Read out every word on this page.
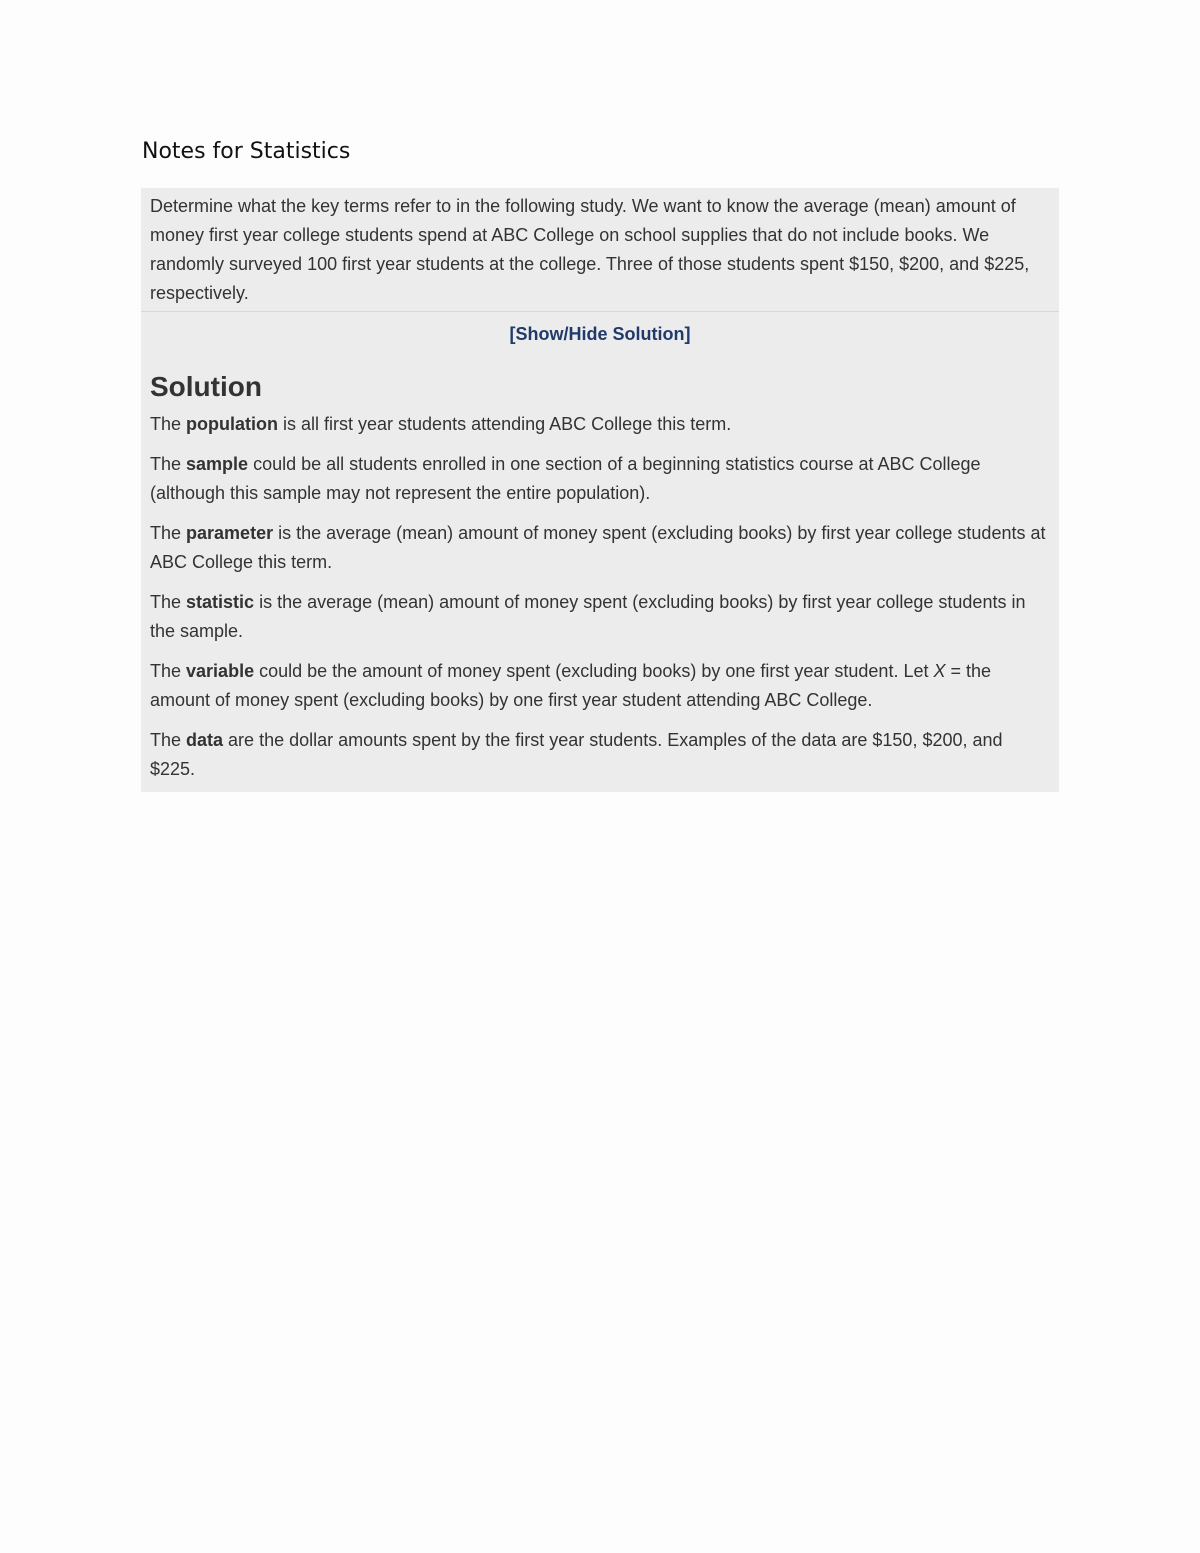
Notes for Statistics

Determine what the key terms refer to in the following study. We want to know the average (mean) amount of money first year college students spend at ABC College on school supplies that do not include books. We randomly surveyed 100 first year students at the college. Three of those students spent $150, $200, and $225, respectively.

[Show/Hide Solution]
Solution

The population is all first year students attending ABC College this term.

The sample could be all students enrolled in one section of a beginning statistics course at ABC College (although this sample may not represent the entire population).

The parameter is the average (mean) amount of money spent (excluding books) by first year college students at ABC College this term.

The statistic is the average (mean) amount of money spent (excluding books) by first year college students in the sample.

The variable could be the amount of money spent (excluding books) by one first year student. Let X = the amount of money spent (excluding books) by one first year student attending ABC College.

The data are the dollar amounts spent by the first year students. Examples of the data are $150, $200, and $225.
